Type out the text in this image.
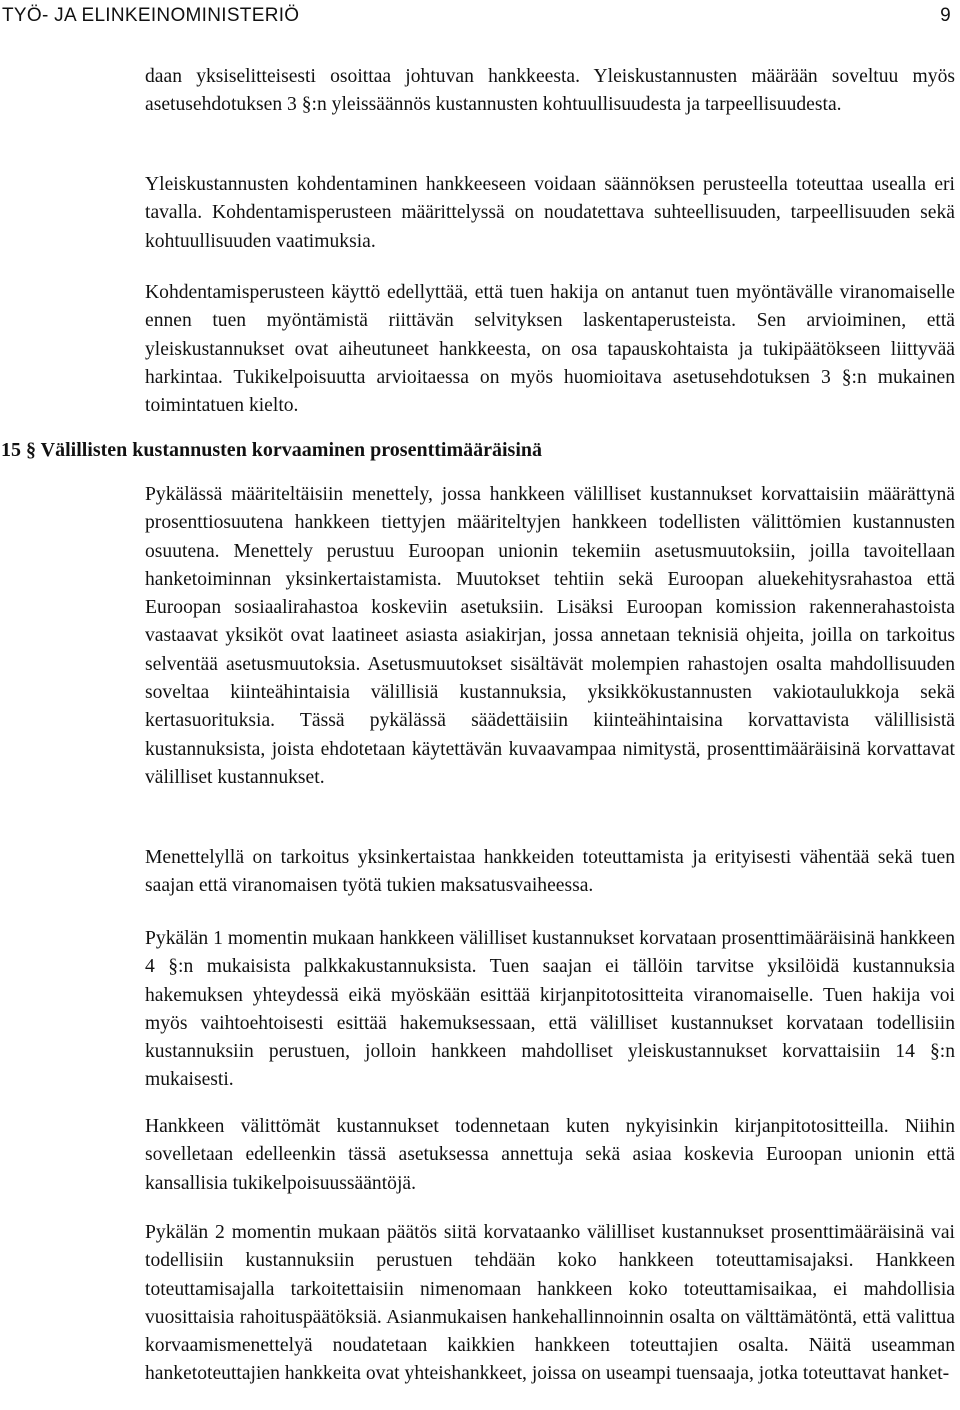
TYÖ- JA ELINKEINOMINISTERIÖ	9

daan yksiselitteisesti osoittaa johtuvan hankkeesta. Yleiskustannusten määrään soveltuu myös asetusehdotuksen 3 §:n yleissäännös kustannusten kohtuullisuudesta ja tarpeellisuudesta.

Yleiskustannusten kohdentaminen hankkeeseen voidaan säännöksen perusteella toteuttaa usealla eri tavalla. Kohdentamisperusteen määrittelyssä on noudatettava suhteellisuuden, tarpeellisuuden sekä kohtuullisuuden vaatimuksia.

Kohdentamisperusteen käyttö edellyttää, että tuen hakija on antanut tuen myöntävälle viranomaiselle ennen tuen myöntämistä riittävän selvityksen laskentaperusteista. Sen arvioiminen, että yleiskustannukset ovat aiheutuneet hankkeesta, on osa tapauskohtaista ja tukipäätökseen liittyvää harkintaa. Tukikelpoisuutta arvioitaessa on myös huomioitava asetusehdotuksen 3 §:n mukainen toimintatuen kielto.

15 § Välillisten kustannusten korvaaminen prosenttimääräisinä

Pykälässä määriteltäisiin menettely, jossa hankkeen välilliset kustannukset korvattaisiin määrättynä prosenttiosuutena hankkeen tiettyjen määriteltyjen hankkeen todellisten välittömien kustannusten osuutena. Menettely perustuu Euroopan unionin tekemiin asetusmuutoksiin, joilla tavoitellaan hanketoiminnan yksinkertaistamista. Muutokset tehtiin sekä Euroopan aluekehitysrahastoa että Euroopan sosiaalirahastoa koskeviin asetuksiin. Lisäksi Euroopan komission rakennerahastoista vastaavat yksiköt ovat laatineet asiasta asiakirjan, jossa annetaan teknisiä ohjeita, joilla on tarkoitus selventää asetusmuutoksia. Asetusmuutokset sisältävät molempien rahastojen osalta mahdollisuuden soveltaa kiinteähintaisia välillisiä kustannuksia, yksikkökustannusten vakiotaulukkoja sekä kertasuorituksia. Tässä pykälässä säädettäisiin kiinteähintaisina korvattavista välillisistä kustannuksista, joista ehdotetaan käytettävän kuvaavampaa nimitystä, prosenttimääräisinä korvattavat välilliset kustannukset.

Menettelyllä on tarkoitus yksinkertaistaa hankkeiden toteuttamista ja erityisesti vähentää sekä tuen saajan että viranomaisen työtä tukien maksatusvaiheessa.

Pykälän 1 momentin mukaan hankkeen välilliset kustannukset korvataan prosenttimääräisinä hankkeen 4 §:n mukaisista palkkakustannuksista. Tuen saajan ei tällöin tarvitse yksilöidä kustannuksia hakemuksen yhteydessä eikä myöskään esittää kirjanpitotositteita viranomaiselle. Tuen hakija voi myös vaihtoehtoisesti esittää hakemuksessaan, että välilliset kustannukset korvataan todellisiin kustannuksiin perustuen, jolloin hankkeen mahdolliset yleiskustannukset korvattaisiin 14 §:n mukaisesti.

Hankkeen välittömät kustannukset todennetaan kuten nykyisinkin kirjanpitotositteilla. Niihin sovelletaan edelleenkin tässä asetuksessa annettuja sekä asiaa koskevia Euroopan unionin että kansallisia tukikelpoisuussääntöjä.

Pykälän 2 momentin mukaan päätös siitä korvataanko välilliset kustannukset prosenttimääräisinä vai todellisiin kustannuksiin perustuen tehdään koko hankkeen toteuttamisajaksi. Hankkeen toteuttamisajalla tarkoitettaisiin nimenomaan hankkeen koko toteuttamisaikaa, ei mahdollisia vuosittaisia rahoituspäätöksiä. Asianmukaisen hankehallinnoinnin osalta on välttämätöntä, että valittua korvaamismenettelyä noudatetaan kaikkien hankkeen toteuttajien osalta. Näitä useamman hanketoteuttajien hankkeita ovat yhteishankkeet, joissa on useampi tuensaaja, jotka toteuttavat hanket-
